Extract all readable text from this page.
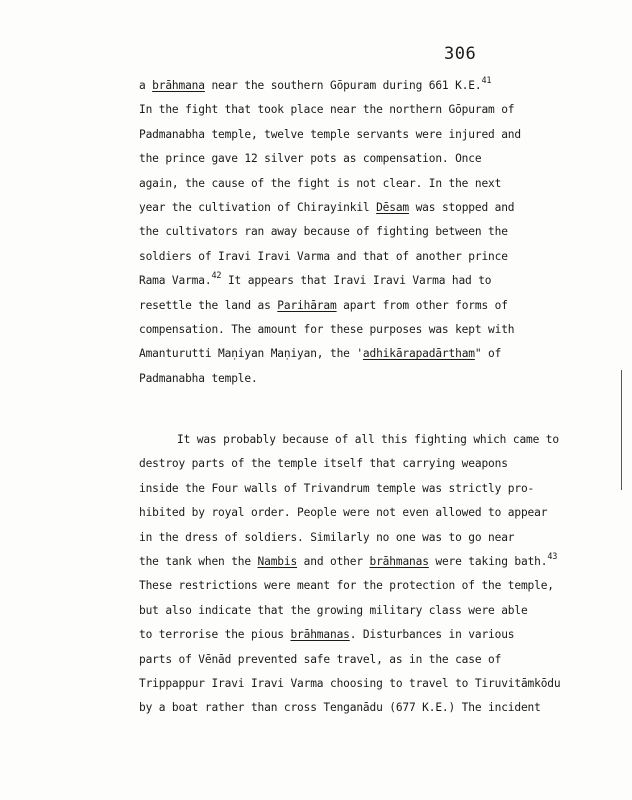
306
a brāhmana near the southern Gōpuram during 661 K.E.$^{41}$
In the fight that took place near the northern Gōpuram of
Padmanabha temple, twelve temple servants were injured and
the prince gave 12 silver pots as compensation. Once
again, the cause of the fight is not clear. In the next
year the cultivation of Chirayinkil Dēsam was stopped and
the cultivators ran away because of fighting between the
soldiers of Iravi Iravi Varma and that of another prince
Rama Varma.$^{42}$ It appears that Iravi Iravi Varma had to
resettle the land as Parihāram apart from other forms of
compensation. The amount for these purposes was kept with
Amanturutti Maṇiyan Maṇiyan, the 'adhikārapadārtham" of
Padmanabha temple.
It was probably because of all this fighting which came to
destroy parts of the temple itself that carrying weapons
inside the Four walls of Trivandrum temple was strictly pro-
hibited by royal order. People were not even allowed to appear
in the dress of soldiers. Similarly no one was to go near
the tank when the Nambis and other brāhmanas were taking bath.$^{43}$
These restrictions were meant for the protection of the temple,
but also indicate that the growing military class were able
to terrorise the pious brāhmanas. Disturbances in various
parts of Vēnād prevented safe travel, as in the case of
Trippappur Iravi Iravi Varma choosing to travel to Tiruvitāmkōdu
by a boat rather than cross Tenganādu (677 K.E.) The incident
